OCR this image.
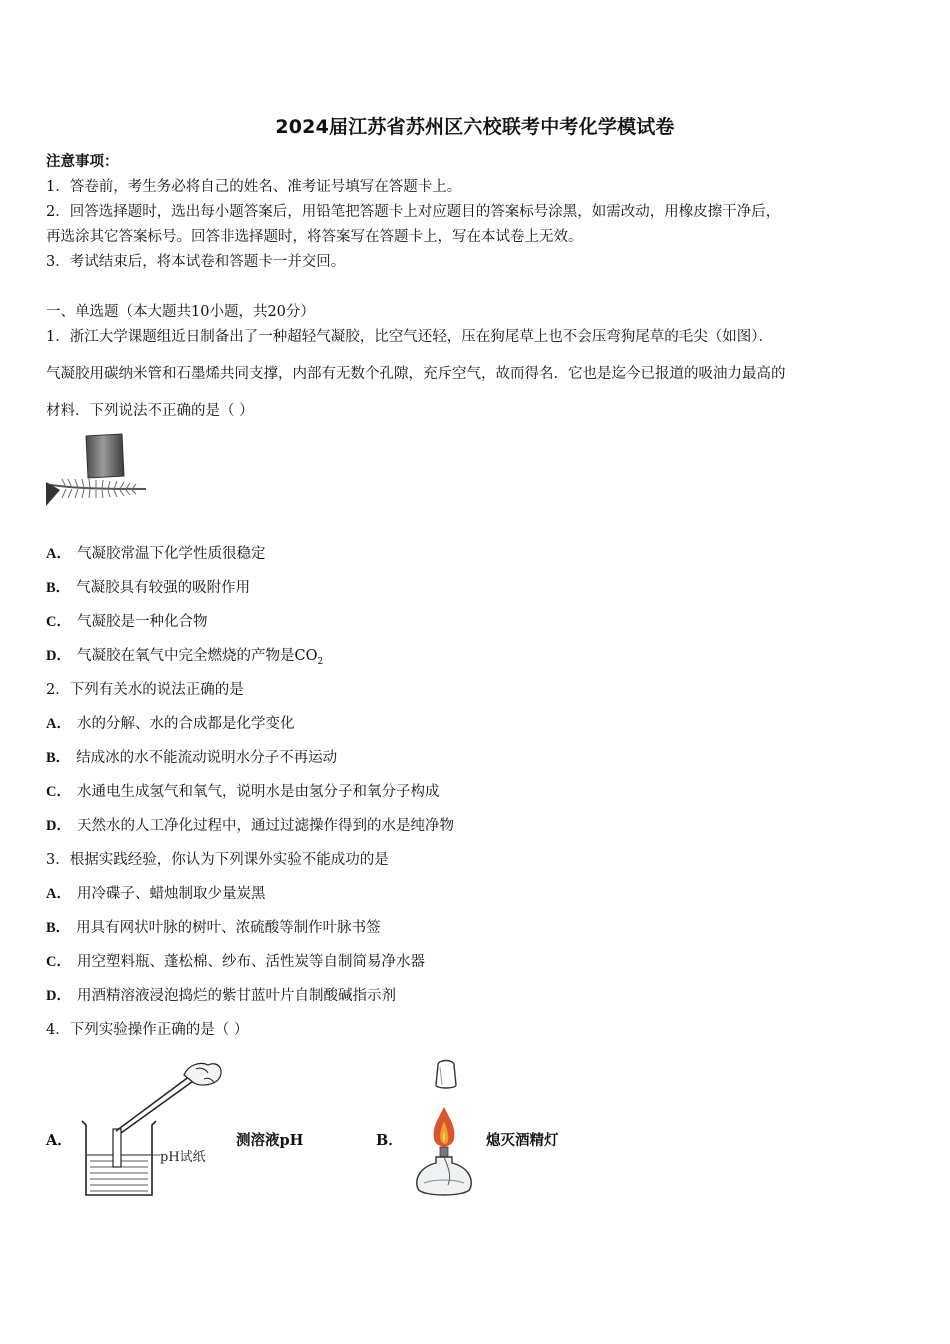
2024届江苏省苏州区六校联考中考化学模试卷
注意事项：
1．答卷前，考生务必将自己的姓名、准考证号填写在答题卡上。
2．回答选择题时，选出每小题答案后，用铅笔把答题卡上对应题目的答案标号涂黑，如需改动，用橡皮擦干净后，
再选涂其它答案标号。回答非选择题时，将答案写在答题卡上，写在本试卷上无效。
3．考试结束后，将本试卷和答题卡一并交回。
一、单选题（本大题共10小题，共20分）
1．浙江大学课题组近日制备出了一种超轻气凝胶，比空气还轻，压在狗尾草上也不会压弯狗尾草的毛尖（如图）．
气凝胶用碳纳米管和石墨烯共同支撑，内部有无数个孔隙，充斥空气，故而得名．它也是迄今已报道的吸油力最高的
材料．下列说法不正确的是（ ）
A． 气凝胶常温下化学性质很稳定
B． 气凝胶具有较强的吸附作用
C． 气凝胶是一种化合物
D． 气凝胶在氧气中完全燃烧的产物是$CO_2$
2．下列有关水的说法正确的是
A． 水的分解、水的合成都是化学变化
B． 结成冰的水不能流动说明水分子不再运动
C． 水通电生成氢气和氧气，说明水是由氢分子和氧分子构成
D． 天然水的人工净化过程中，通过过滤操作得到的水是纯净物
3．根据实践经验，你认为下列课外实验不能成功的是
A． 用冷碟子、蜡烛制取少量炭黑
B． 用具有网状叶脉的树叶、浓硫酸等制作叶脉书签
C． 用空塑料瓶、蓬松棉、纱布、活性炭等自制简易净水器
D． 用酒精溶液浸泡捣烂的紫甘蓝叶片自制酸碱指示剂
4．下列实验操作正确的是（ ）
A．
pH试纸
测溶液pH	B．	熄灭酒精灯
